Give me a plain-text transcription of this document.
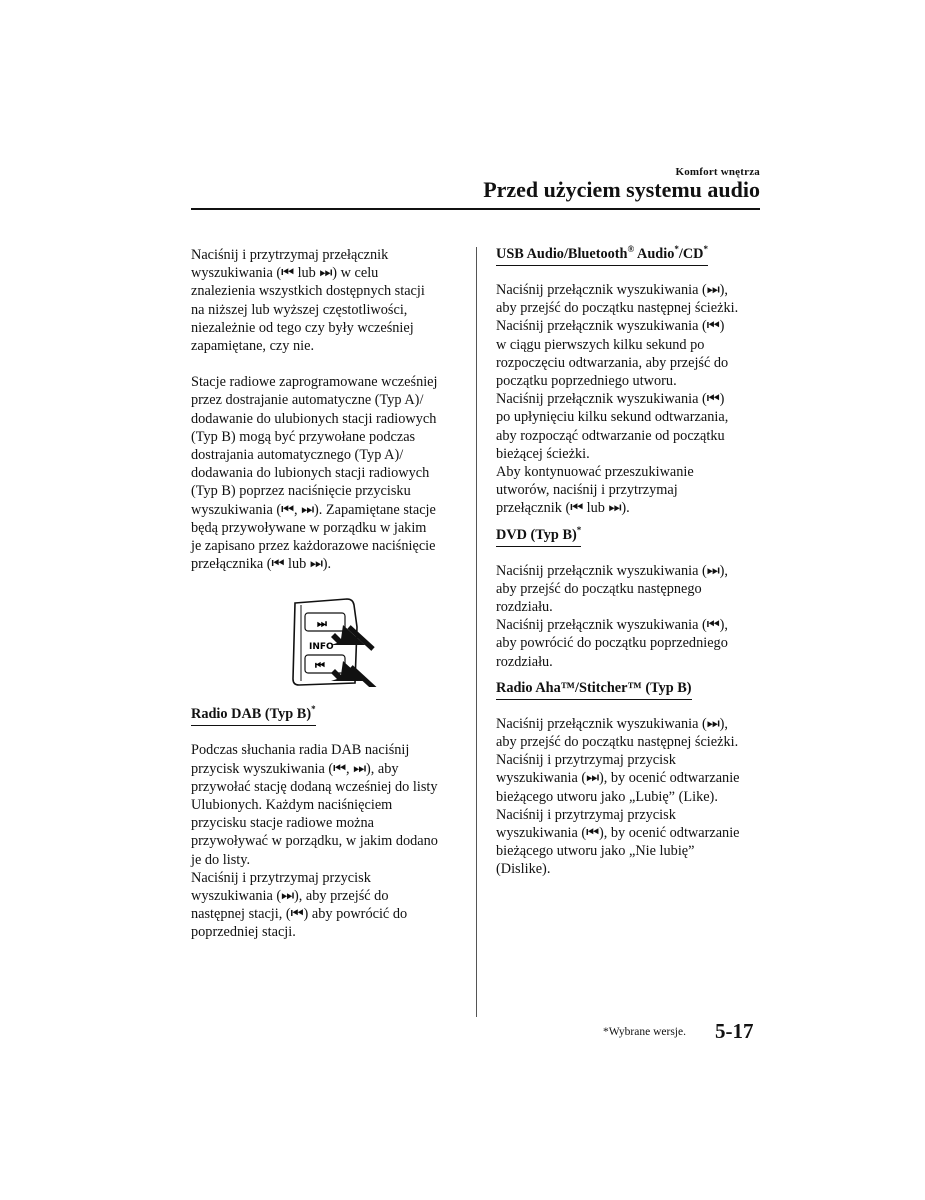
Komfort wnętrza
Przed użyciem systemu audio
Naciśnij i przytrzymaj przełącznik
wyszukiwania (⏮ lub ⏭) w celu
znalezienia wszystkich dostępnych stacji
na niższej lub wyższej częstotliwości,
niezależnie od tego czy były wcześniej
zapamiętane, czy nie.
Stacje radiowe zaprogramowane wcześniej
przez dostrajanie automatyczne (Typ A)/
dodawanie do ulubionych stacji radiowych
(Typ B) mogą być przywołane podczas
dostrajania automatycznego (Typ A)/
dodawania do lubionych stacji radiowych
(Typ B) poprzez naciśnięcie przycisku
wyszukiwania (⏮, ⏭). Zapamiętane stacje
będą przywoływane w porządku w jakim
je zapisano przez każdorazowe naciśnięcie
przełącznika (⏮ lub ⏭).
⏭
INFO
⏮
Radio DAB (Typ B)*
Podczas słuchania radia DAB naciśnij
przycisk wyszukiwania (⏮, ⏭), aby
przywołać stację dodaną wcześniej do listy
Ulubionych. Każdym naciśnięciem
przycisku stacje radiowe można
przywoływać w porządku, w jakim dodano
je do listy.
Naciśnij i przytrzymaj przycisk
wyszukiwania (⏭), aby przejść do
następnej stacji, (⏮) aby powrócić do
poprzedniej stacji.
USB Audio/Bluetooth® Audio*/CD*
Naciśnij przełącznik wyszukiwania (⏭),
aby przejść do początku następnej ścieżki.
Naciśnij przełącznik wyszukiwania (⏮)
w ciągu pierwszych kilku sekund po
rozpoczęciu odtwarzania, aby przejść do
początku poprzedniego utworu.
Naciśnij przełącznik wyszukiwania (⏮)
po upłynięciu kilku sekund odtwarzania,
aby rozpocząć odtwarzanie od początku
bieżącej ścieżki.
Aby kontynuować przeszukiwanie
utworów, naciśnij i przytrzymaj
przełącznik (⏮ lub ⏭).
DVD (Typ B)*
Naciśnij przełącznik wyszukiwania (⏭),
aby przejść do początku następnego
rozdziału.
Naciśnij przełącznik wyszukiwania (⏮),
aby powrócić do początku poprzedniego
rozdziału.
Radio Aha™/Stitcher™ (Typ B)
Naciśnij przełącznik wyszukiwania (⏭),
aby przejść do początku następnej ścieżki.
Naciśnij i przytrzymaj przycisk
wyszukiwania (⏭), by ocenić odtwarzanie
bieżącego utworu jako „Lubię” (Like).
Naciśnij i przytrzymaj przycisk
wyszukiwania (⏮), by ocenić odtwarzanie
bieżącego utworu jako „Nie lubię”
(Dislike).
*Wybrane wersje. 5-17
